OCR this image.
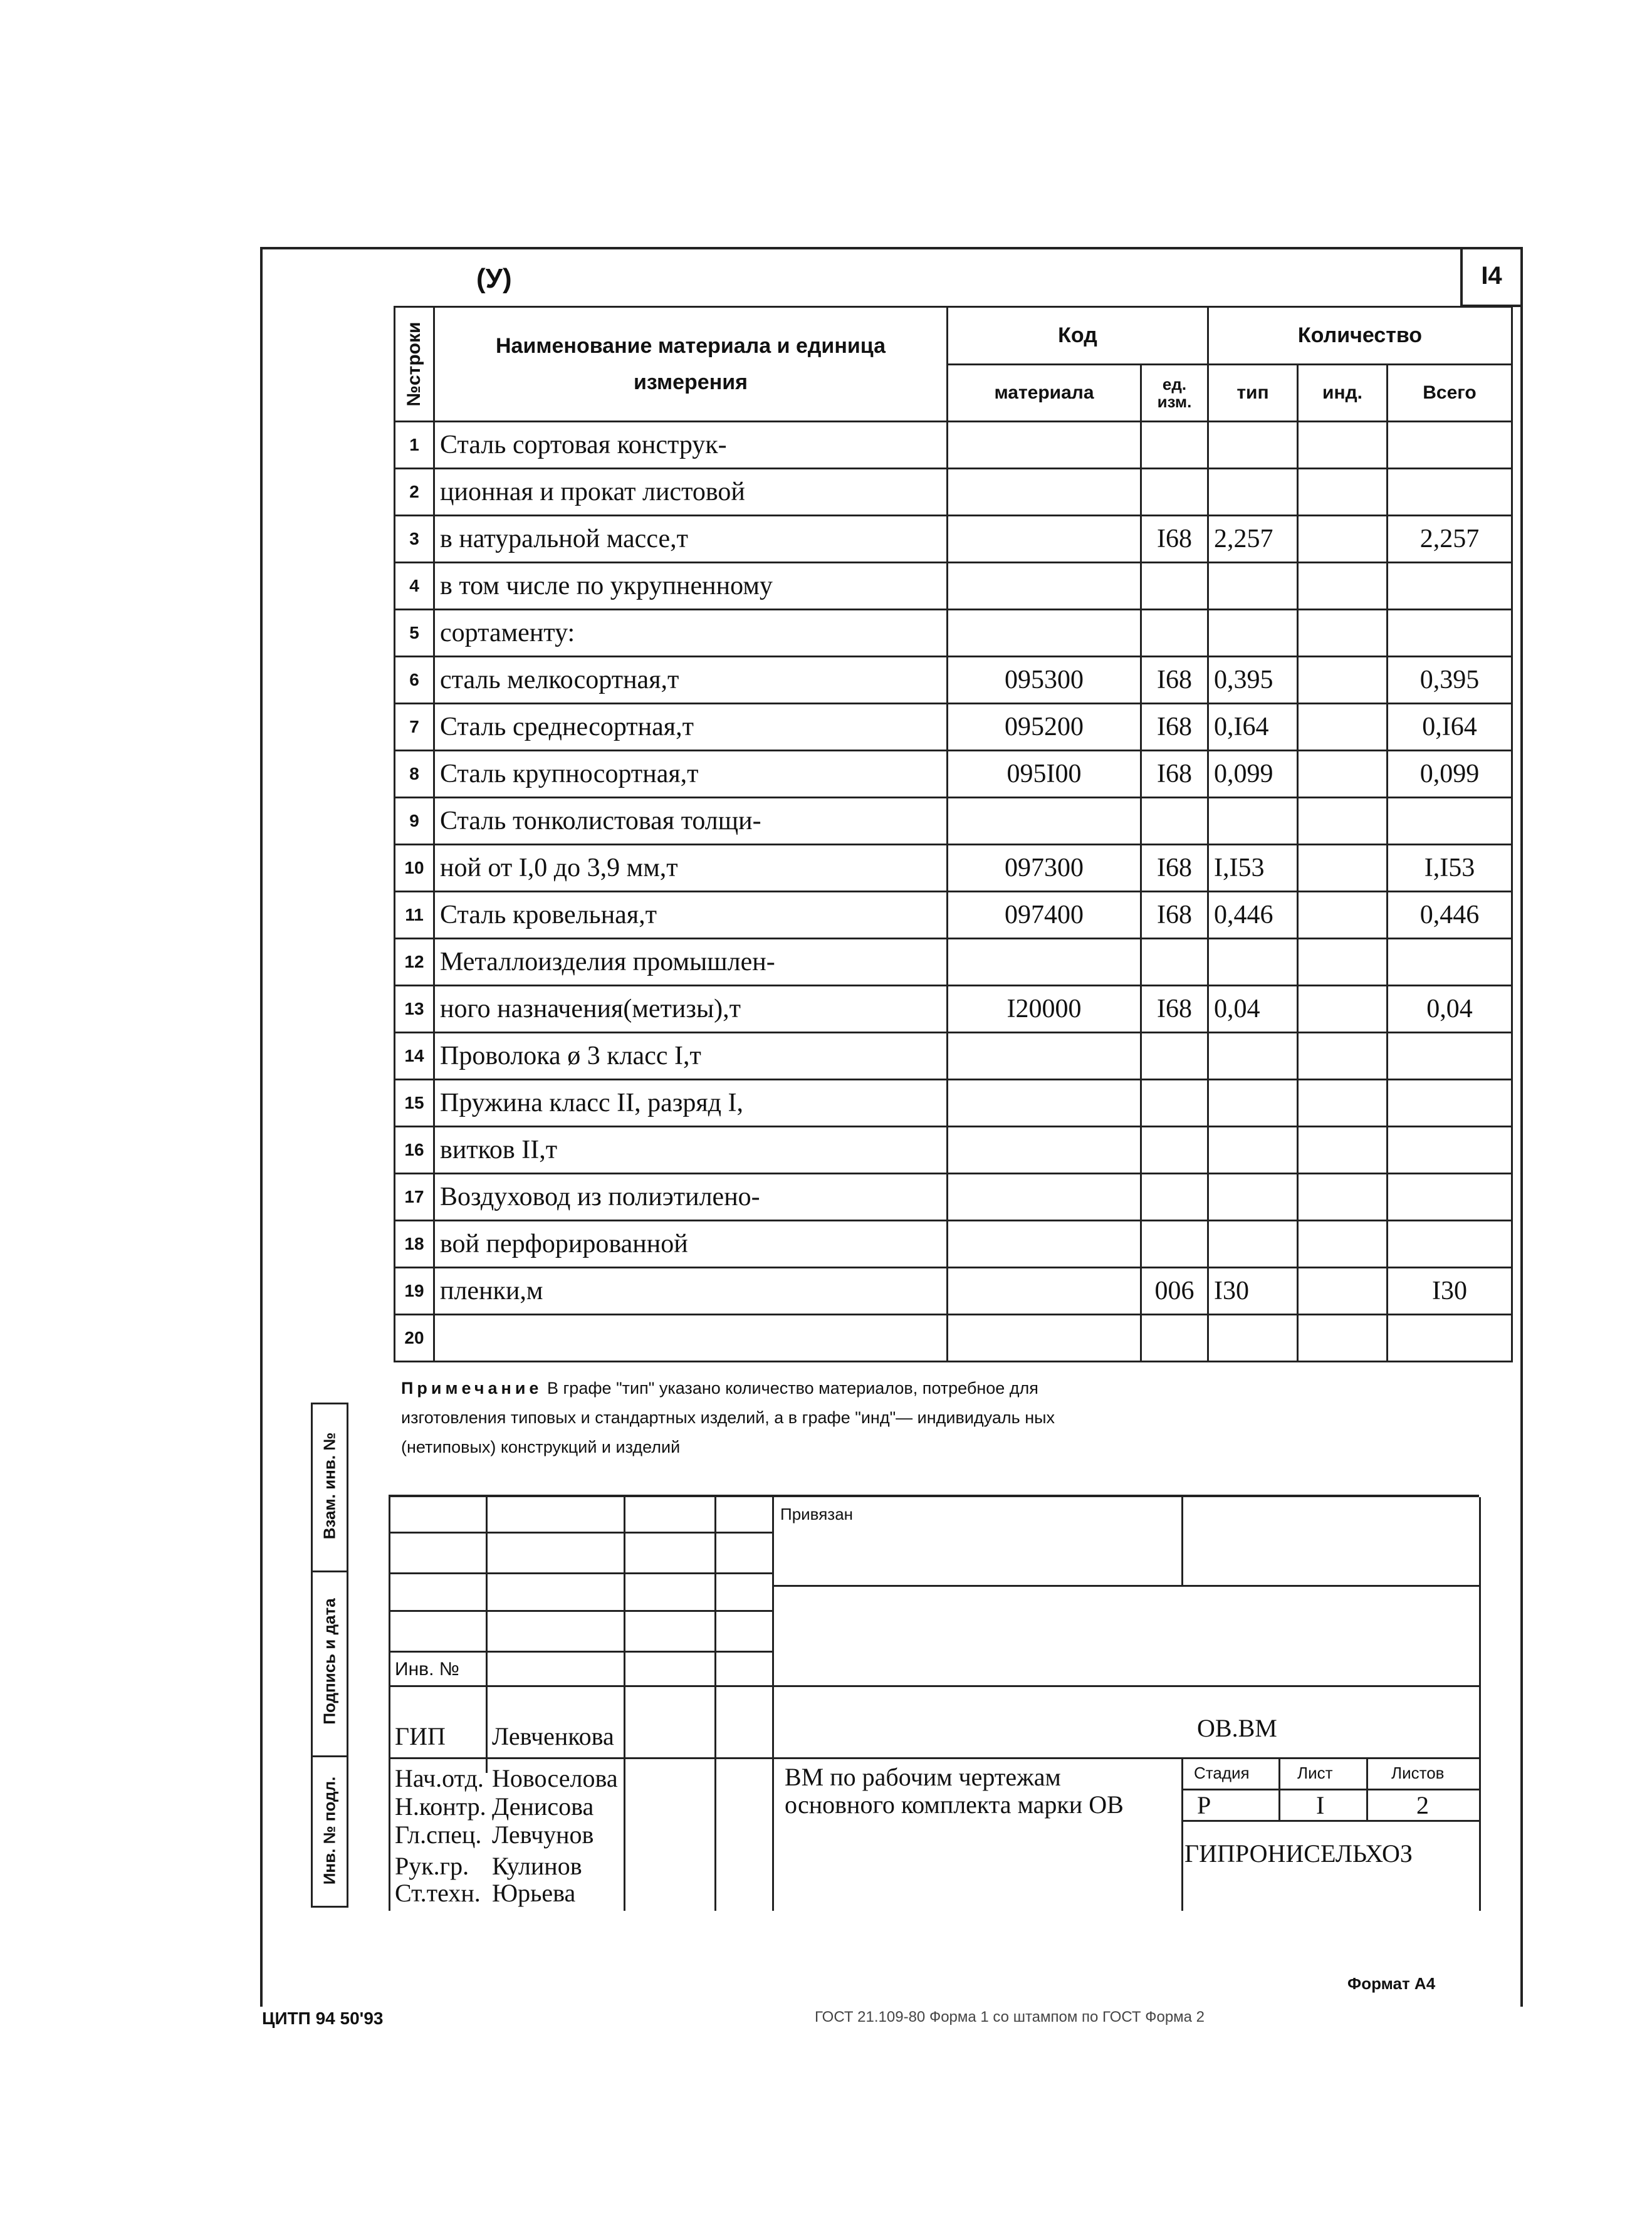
I4
(У)
№строки	Наименование материала и единица измерения	Код		Количество		
		материала	ед. изм.	тип	инд.	Всего
1	Сталь сортовая конструк-					
2	ционная и прокат листовой					
3	в натуральной массе,т		I68	2,257		2,257
4	в том числе по укрупненному					
5	сортаменту:					
6	сталь мелкосортная,т	095300	I68	0,395		0,395
7	Сталь среднесортная,т	095200	I68	0,I64		0,I64
8	Сталь крупносортная,т	095I00	I68	0,099		0,099
9	Сталь тонколистовая толщи-					
10	ной от I,0 до 3,9 мм,т	097300	I68	I,I53		I,I53
11	Сталь кровельная,т	097400	I68	0,446		0,446
12	Металлоизделия промышлен-					
13	ного назначения(метизы),т	I20000	I68	0,04		0,04
14	Проволока ø 3 класс I,т					
15	Пружина класс II, разряд I,					
16	витков II,т					
17	Воздуховод из полиэтилено-					
18	вой перфорированной					
19	пленки,м		006	I30		I30
20						
Примечание В графе "тип" указано количество материалов, потребное для изготовления типовых и стандартных изделий, а в графе "инд"— индивидуаль ных (нетиповых) конструкций и изделий
Взам. инв. №
Подпись и дата
Инв. № подл.
Привязан
Инв. №
ОВ.ВМ
ГИП Левченкова
Нач.отд. Новоселова
Н.контр. Денисова
Гл.спец. Левчунов
Рук.гр. Кулинов
Ст.техн. Юрьева
ВМ по рабочим чертежам основного комплекта марки ОВ
Стадия	Лист	Листов
Р	I	2
ГИПРОНИСЕЛЬХОЗ
Формат А4
ЦИТП 94 50'93	ГОСТ 21.109-80 Форма 1 со штампом по ГОСТ Форма 2
